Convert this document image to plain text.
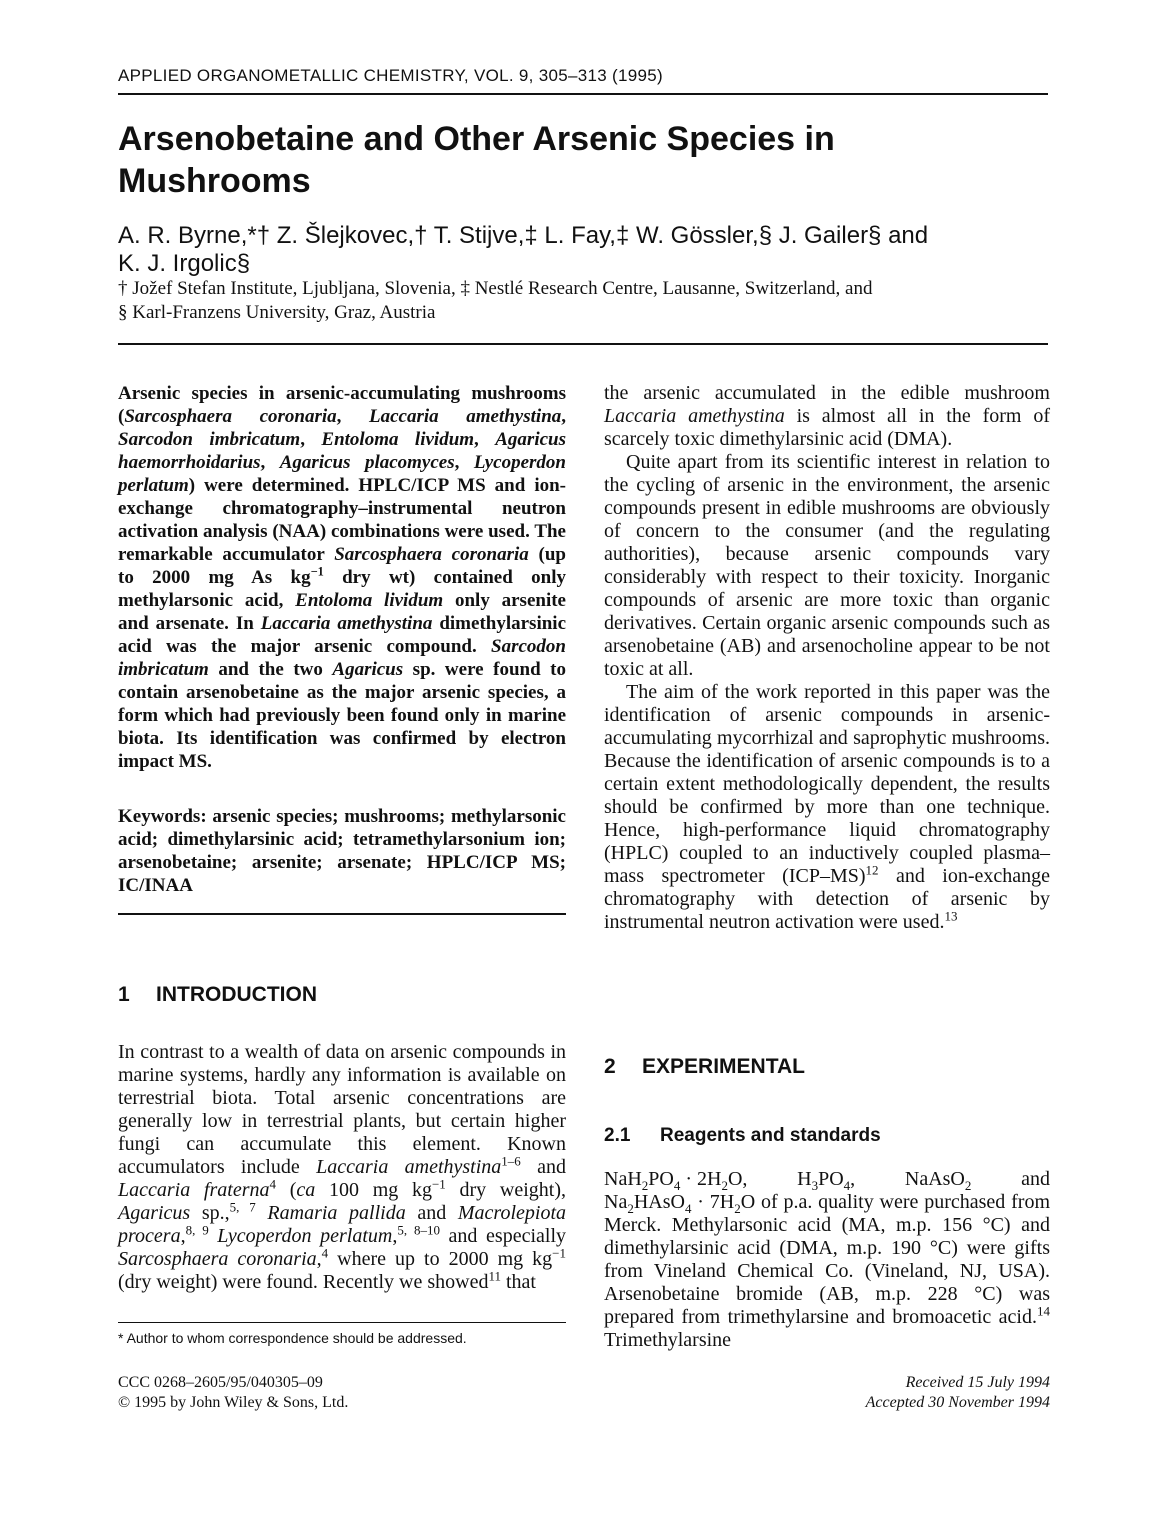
APPLIED ORGANOMETALLIC CHEMISTRY, VOL. 9, 305–313 (1995)
Arsenobetaine and Other Arsenic Species in
Mushrooms
A. R. Byrne,*† Z. Šlejkovec,† T. Stijve,‡ L. Fay,‡ W. Gössler,§ J. Gailer§ and
K. J. Irgolic§
† Jožef Stefan Institute, Ljubljana, Slovenia, ‡ Nestlé Research Centre, Lausanne, Switzerland, and
§ Karl-Franzens University, Graz, Austria
Arsenic species in arsenic-accumulating mushrooms (Sarcosphaera coronaria, Laccaria amethystina, Sarcodon imbricatum, Entoloma lividum, Agaricus haemorrhoidarius, Agaricus placomyces, Lycoperdon perlatum) were determined. HPLC/ICP MS and ion-exchange chromatography–instrumental neutron activation analysis (NAA) combinations were used. The remarkable accumulator Sarcosphaera coronaria (up to 2000 mg As $kg^{-1}$ dry wt) contained only methylarsonic acid, Entoloma lividum only arsenite and arsenate. In Laccaria amethystina dimethylarsinic acid was the major arsenic compound. Sarcodon imbricatum and the two Agaricus sp. were found to contain arsenobetaine as the major arsenic species, a form which had previously been found only in marine biota. Its identification was confirmed by electron impact MS.
Keywords: arsenic species; mushrooms; methylarsonic acid; dimethylarsinic acid; tetramethylarsonium ion; arsenobetaine; arsenite; arsenate; HPLC/ICP MS; IC/INAA
1 INTRODUCTION
In contrast to a wealth of data on arsenic compounds in marine systems, hardly any information is available on terrestrial biota. Total arsenic concentrations are generally low in terrestrial plants, but certain higher fungi can accumulate this element. Known accumulators include Laccaria amethystina$^{1-6}$ and Laccaria fraterna$^4$ (ca 100 mg $kg^{-1}$ dry weight), Agaricus sp.,$^{5, 7}$ Ramaria pallida and Macrolepiota procera,$^{8, 9}$ Lycoperdon perlatum,$^{5, 8-10}$ and especially Sarcosphaera coronaria,$^4$ where up to 2000 mg $kg^{-1}$ (dry weight) were found. Recently we showed$^{11}$ that
* Author to whom correspondence should be addressed.

the arsenic accumulated in the edible mushroom Laccaria amethystina is almost all in the form of scarcely toxic dimethylarsinic acid (DMA).

Quite apart from its scientific interest in relation to the cycling of arsenic in the environment, the arsenic compounds present in edible mushrooms are obviously of concern to the consumer (and the regulating authorities), because arsenic compounds vary considerably with respect to their toxicity. Inorganic compounds of arsenic are more toxic than organic derivatives. Certain organic arsenic compounds such as arsenobetaine (AB) and arsenocholine appear to be not toxic at all.

The aim of the work reported in this paper was the identification of arsenic compounds in arsenic-accumulating mycorrhizal and saprophytic mushrooms. Because the identification of arsenic compounds is to a certain extent methodologically dependent, the results should be confirmed by more than one technique. Hence, high-performance liquid chromatography (HPLC) coupled to an inductively coupled plasma–mass spectrometer $(ICP-MS)^{12}$ and ion-exchange chromatography with detection of arsenic by instrumental neutron activation were used.$^{13}$

2 EXPERIMENTAL
2.1 Reagents and standards
$NaH_2PO_4 \cdot 2H_2O$, $H_3PO_4$, NaAsO$_2$ and
$Na_2HAsO_4 \cdot 7H_2O$ of p.a. quality were purchased from Merck. Methylarsonic acid (MA, m.p. 156 °C) and dimethylarsinic acid (DMA, m.p. 190 °C) were gifts from Vineland Chemical Co. (Vineland, NJ, USA). Arsenobetaine bromide (AB, m.p. 228 °C) was prepared from trimethylarsine and bromoacetic acid.$^{14}$ Trimethylarsine
CCC 0268–2605/95/040305–09
© 1995 by John Wiley & Sons, Ltd.
Received 15 July 1994
Accepted 30 November 1994
